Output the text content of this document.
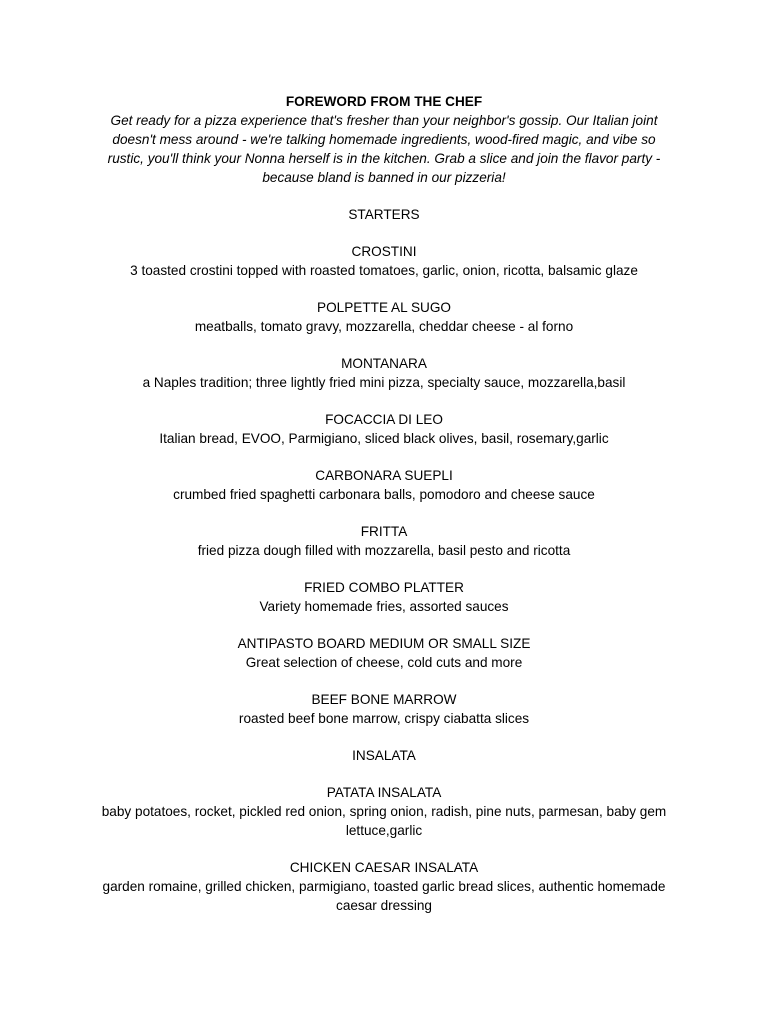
FOREWORD FROM THE CHEF

Get ready for a pizza experience that's fresher than your neighbor's gossip. Our Italian joint doesn't mess around - we're talking homemade ingredients, wood-fired magic, and vibe so rustic, you'll think your Nonna herself is in the kitchen. Grab a slice and join the flavor party - because bland is banned in our pizzeria!

STARTERS

CROSTINI

3 toasted crostini topped with roasted tomatoes, garlic, onion, ricotta, balsamic glaze

POLPETTE AL SUGO

meatballs, tomato gravy, mozzarella, cheddar cheese - al forno

MONTANARA

a Naples tradition; three lightly fried mini pizza, specialty sauce, mozzarella,basil

FOCACCIA DI LEO

Italian bread, EVOO, Parmigiano, sliced black olives, basil, rosemary,garlic

CARBONARA SUEPLI

crumbed fried spaghetti carbonara balls, pomodoro and cheese sauce

FRITTA

fried pizza dough filled with mozzarella, basil pesto and ricotta

FRIED COMBO PLATTER

Variety homemade fries, assorted sauces

ANTIPASTO BOARD MEDIUM OR SMALL SIZE

Great selection of cheese, cold cuts and more

BEEF BONE MARROW

roasted beef bone marrow, crispy ciabatta slices

INSALATA

PATATA INSALATA

baby potatoes, rocket, pickled red onion, spring onion, radish, pine nuts, parmesan, baby gem lettuce,garlic

CHICKEN CAESAR INSALATA

garden romaine, grilled chicken, parmigiano, toasted garlic bread slices, authentic homemade caesar dressing
